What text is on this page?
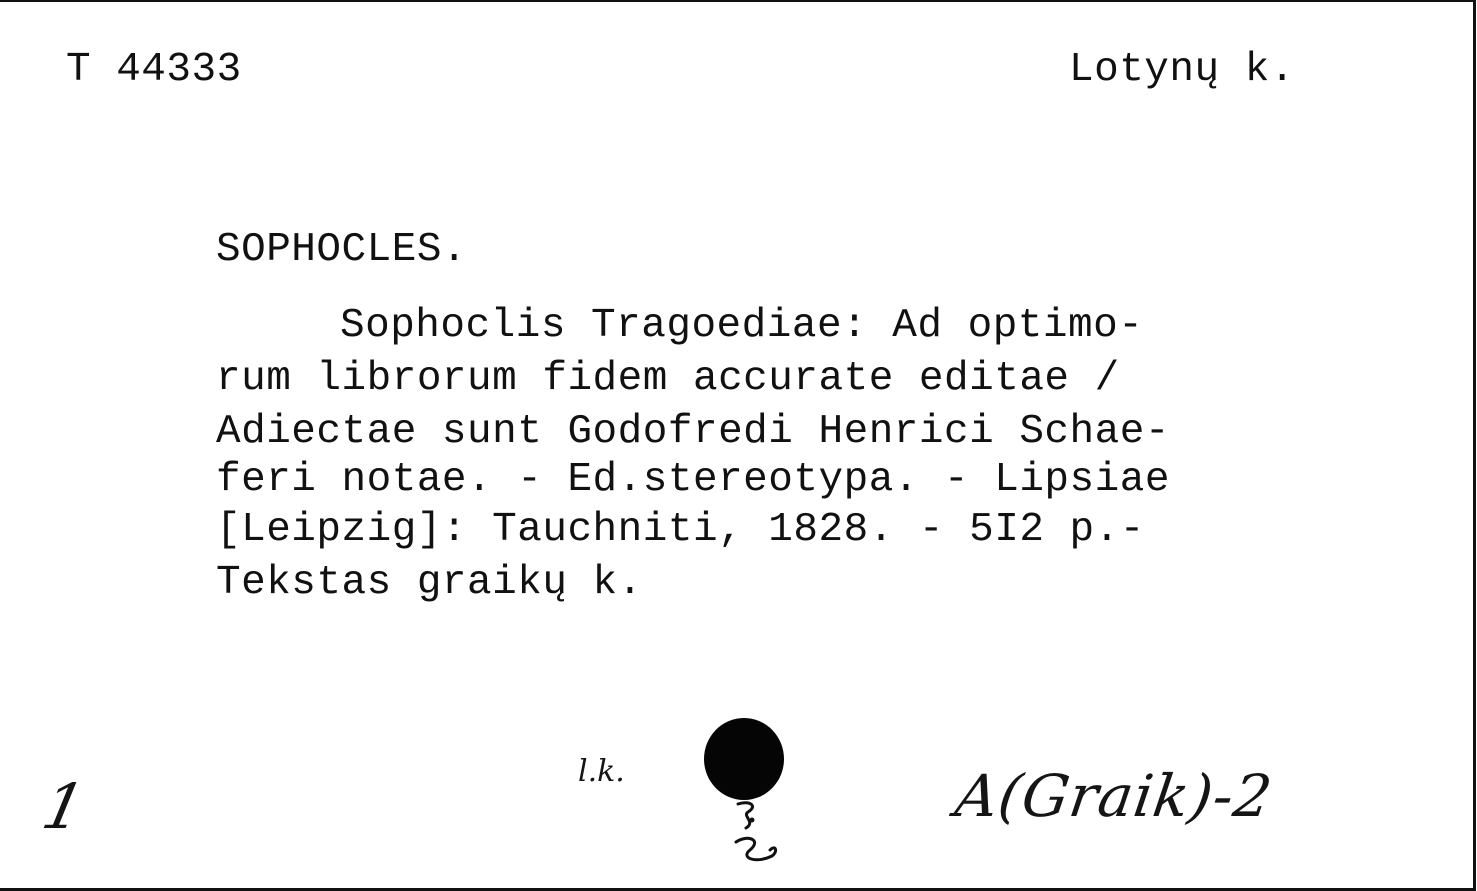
T 44333	Lotynų k.
SOPHOCLES.
Sophoclis Tragoediae: Ad optimo-
rum librorum fidem accurate editae /
Adiectae sunt Godofredi Henrici Schae-
feri notae. - Ed.stereotypa. - Lipsiae
[Leipzig]: Tauchniti, 1828. - 5I2 p.-
Tekstas graikų k.
1	l.k.	A(Graik)-2
